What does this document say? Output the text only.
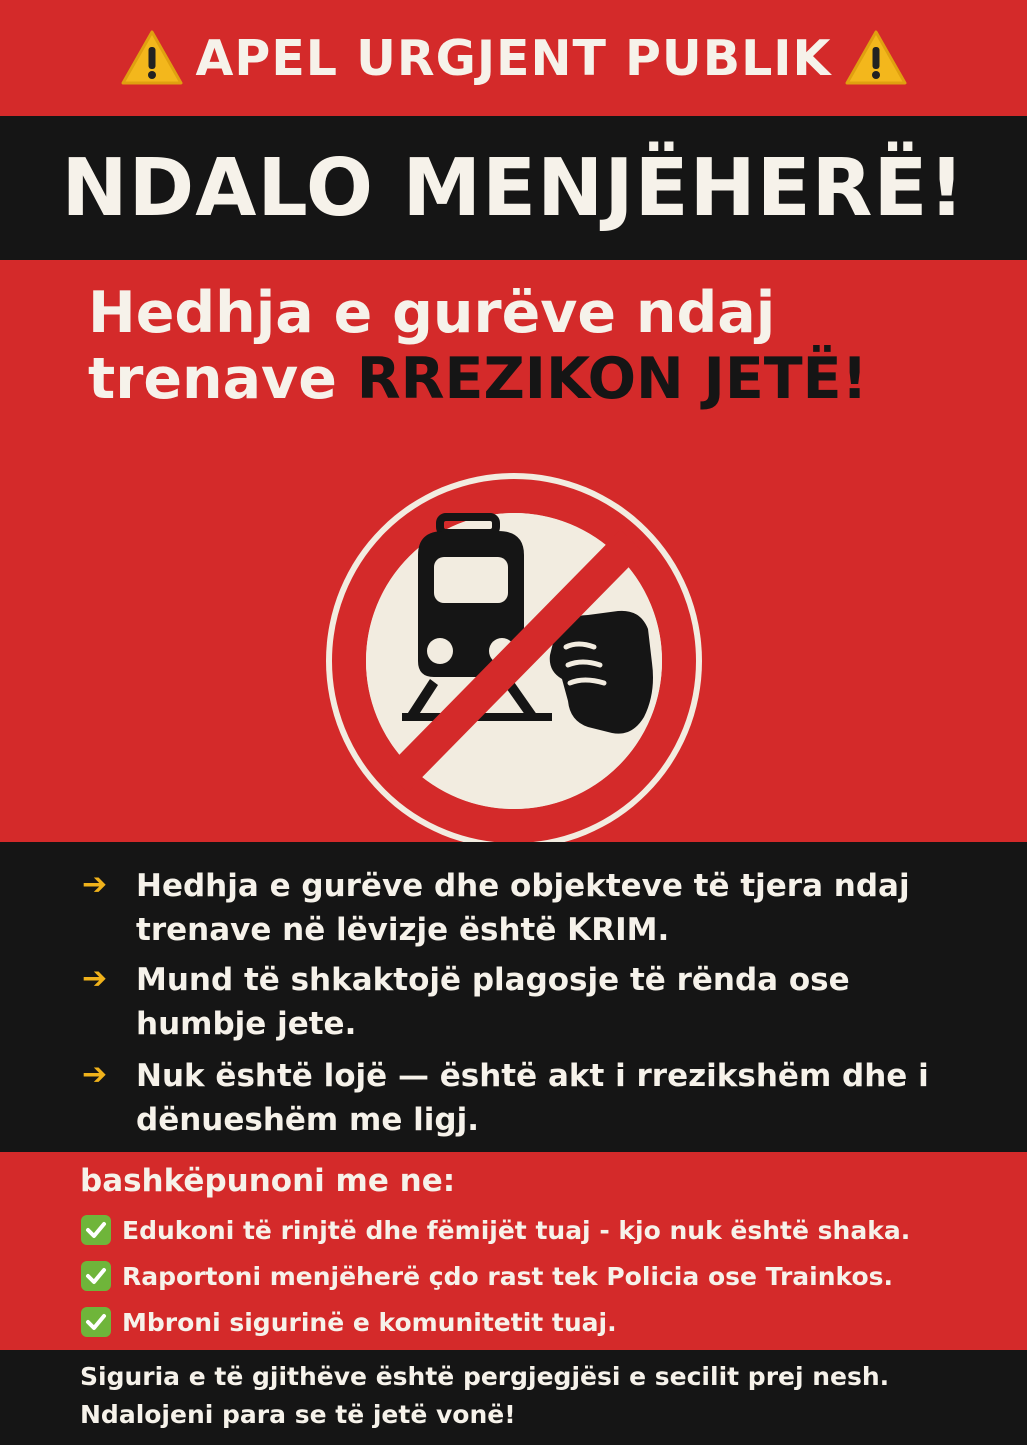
APEL URGJENT PUBLIK
NDALO MENJËHERË!
Hedhja e gurëve ndaj
trenave RREZIKON JETË!
➔ Hedhja e gurëve dhe objekteve të tjera ndaj trenave në lëvizje është KRIM.
➔ Mund të shkaktojë plagosje të rënda ose humbje jete.
➔ Nuk është lojë — është akt i rrezikshëm dhe i dënueshëm me ligj.
bashkëpunoni me ne:
Edukoni të rinjtë dhe fëmijët tuaj - kjo nuk është shaka.
Raportoni menjëherë çdo rast tek Policia ose Trainkos.
Mbroni sigurinë e komunitetit tuaj.
Siguria e të gjithëve është pergjegjësi e secilit prej nesh.
Ndalojeni para se të jetë vonë!
